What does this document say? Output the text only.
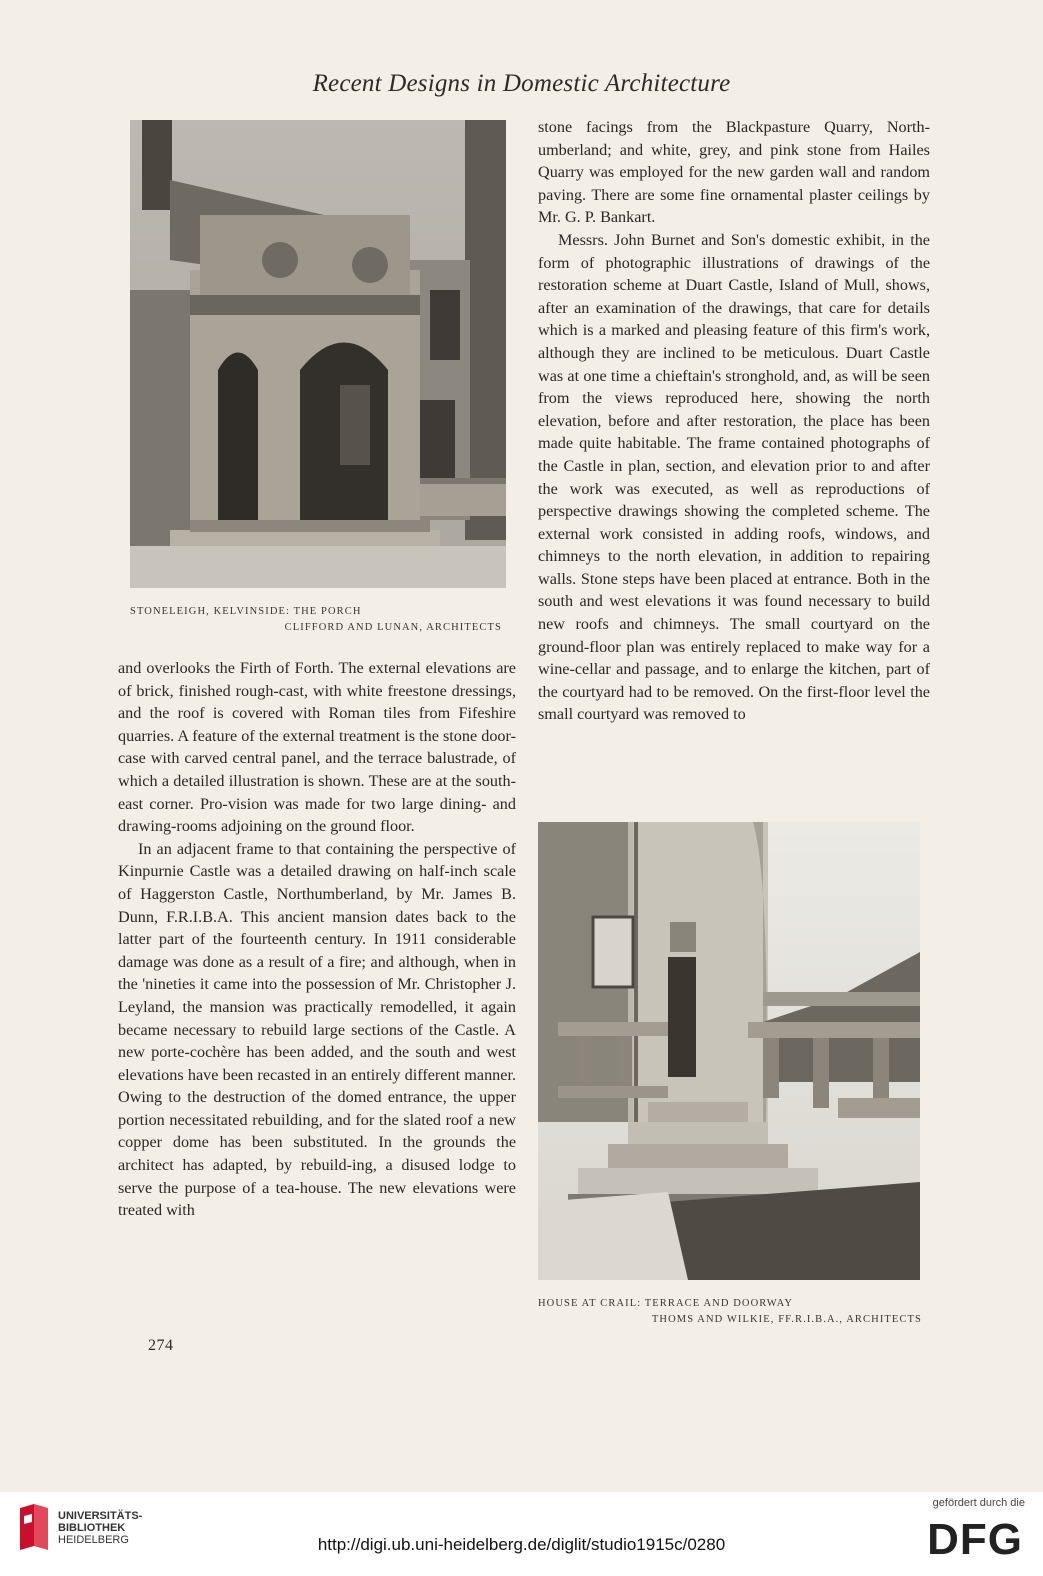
Recent Designs in Domestic Architecture
STONELEIGH, KELVINSIDE: THE PORCH
CLIFFORD AND LUNAN, ARCHITECTS

and overlooks the Firth of Forth. The external elevations are of brick, finished rough-cast, with white freestone dressings, and the roof is covered with Roman tiles from Fifeshire quarries. A feature of the external treatment is the stone door-case with carved central panel, and the terrace balustrade, of which a detailed illustration is shown. These are at the south-east corner. Pro-vision was made for two large dining- and drawing-rooms adjoining on the ground floor.

In an adjacent frame to that containing the perspective of Kinpurnie Castle was a detailed drawing on half-inch scale of Haggerston Castle, Northumberland, by Mr. James B. Dunn, F.R.I.B.A. This ancient mansion dates back to the latter part of the fourteenth century. In 1911 considerable damage was done as a result of a fire; and although, when in the 'nineties it came into the possession of Mr. Christopher J. Leyland, the mansion was practically remodelled, it again became necessary to rebuild large sections of the Castle. A new porte-cochère has been added, and the south and west elevations have been recasted in an entirely different manner. Owing to the destruction of the domed entrance, the upper portion necessitated rebuilding, and for the slated roof a new copper dome has been substituted. In the grounds the architect has adapted, by rebuild-ing, a disused lodge to serve the purpose of a tea-house. The new elevations were treated with

stone facings from the Blackpasture Quarry, North-umberland; and white, grey, and pink stone from Hailes Quarry was employed for the new garden wall and random paving. There are some fine ornamental plaster ceilings by Mr. G. P. Bankart.

Messrs. John Burnet and Son's domestic exhibit, in the form of photographic illustrations of drawings of the restoration scheme at Duart Castle, Island of Mull, shows, after an examination of the drawings, that care for details which is a marked and pleasing feature of this firm's work, although they are inclined to be meticulous. Duart Castle was at one time a chieftain's stronghold, and, as will be seen from the views reproduced here, showing the north elevation, before and after restoration, the place has been made quite habitable. The frame contained photographs of the Castle in plan, section, and elevation prior to and after the work was executed, as well as reproductions of perspective drawings showing the completed scheme. The external work consisted in adding roofs, windows, and chimneys to the north elevation, in addition to repairing walls. Stone steps have been placed at entrance. Both in the south and west elevations it was found necessary to build new roofs and chimneys. The small courtyard on the ground-floor plan was entirely replaced to make way for a wine-cellar and passage, and to enlarge the kitchen, part of the courtyard had to be removed. On the first-floor level the small courtyard was removed to

HOUSE AT CRAIL: TERRACE AND DOORWAY
THOMS AND WILKIE, FF.R.I.B.A., ARCHITECTS
274
UNIVERSITÄTS-
BIBLIOTHEK
HEIDELBERG	http://digi.ub.uni-heidelberg.de/diglit/studio1915c/0280
gefördert durch die
DFG
